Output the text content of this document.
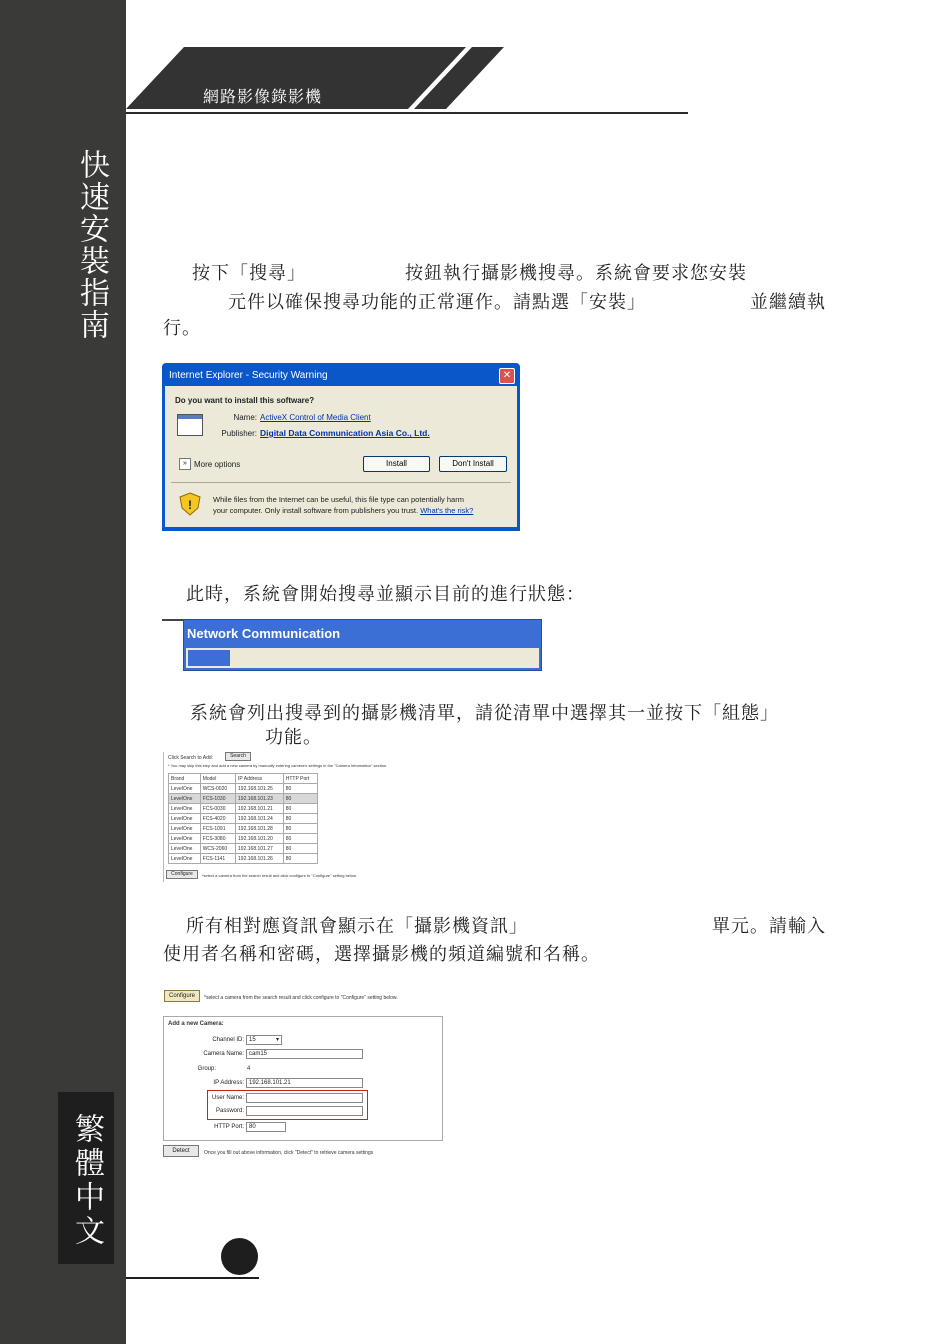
快速安裝指南
繁體中文
網路影像錄影機
按下「搜尋」	按鈕執行攝影機搜尋。系統會要求您安裝
元件以確保搜尋功能的正常運作。請點選「安裝」	並繼續執
行。
Internet Explorer - Security Warning	✕
Do you want to install this software?
Name: ActiveX Control of Media Client
Publisher: Digital Data Communication Asia Co., Ltd.
» More options	Install	Don't Install
!	While files from the Internet can be useful, this file type can potentially harm
your computer. Only install software from publishers you trust. What's the risk?
此時，系統會開始搜尋並顯示目前的進行狀態：
Network Communication
系統會列出搜尋到的攝影機清單，請從清單中選擇其一並按下「組態」
功能。
Click Search to Add:	Search
* You may skip this step and add a new camera by manually entering camera's settings in the "Camera Information" section.
Brand	Model	IP Address	HTTP Port
LevelOne	WCS-0020	192.168.101.25	80
LevelOne	FCS-1030	192.168.101.23	80
LevelOne	FCS-0030	192.168.101.21	80
LevelOne	FCS-4020	192.168.101.24	80
LevelOne	FCS-1091	192.168.101.28	80
LevelOne	FCS-3080	192.168.101.20	80
LevelOne	WCS-2060	192.168.101.27	80
LevelOne	FCS-1141	192.168.101.26	80
Configure	*select a camera from the search result and click configure to "Configure" setting below.
所有相對應資訊會顯示在「攝影機資訊」	單元。請輸入
使用者名稱和密碼，選擇攝影機的頻道編號和名稱。
Configure	*select a camera from the search result and click configure to "Configure" setting below.
Add a new Camera:
Channel ID: 15	▾
Camera Name: cam15
Group:	4
IP Address: 192.168.101.21
User Name:
Password:
HTTP Port: 80
Detect	Once you fill out above information, click "Detect" to retrieve camera settings
